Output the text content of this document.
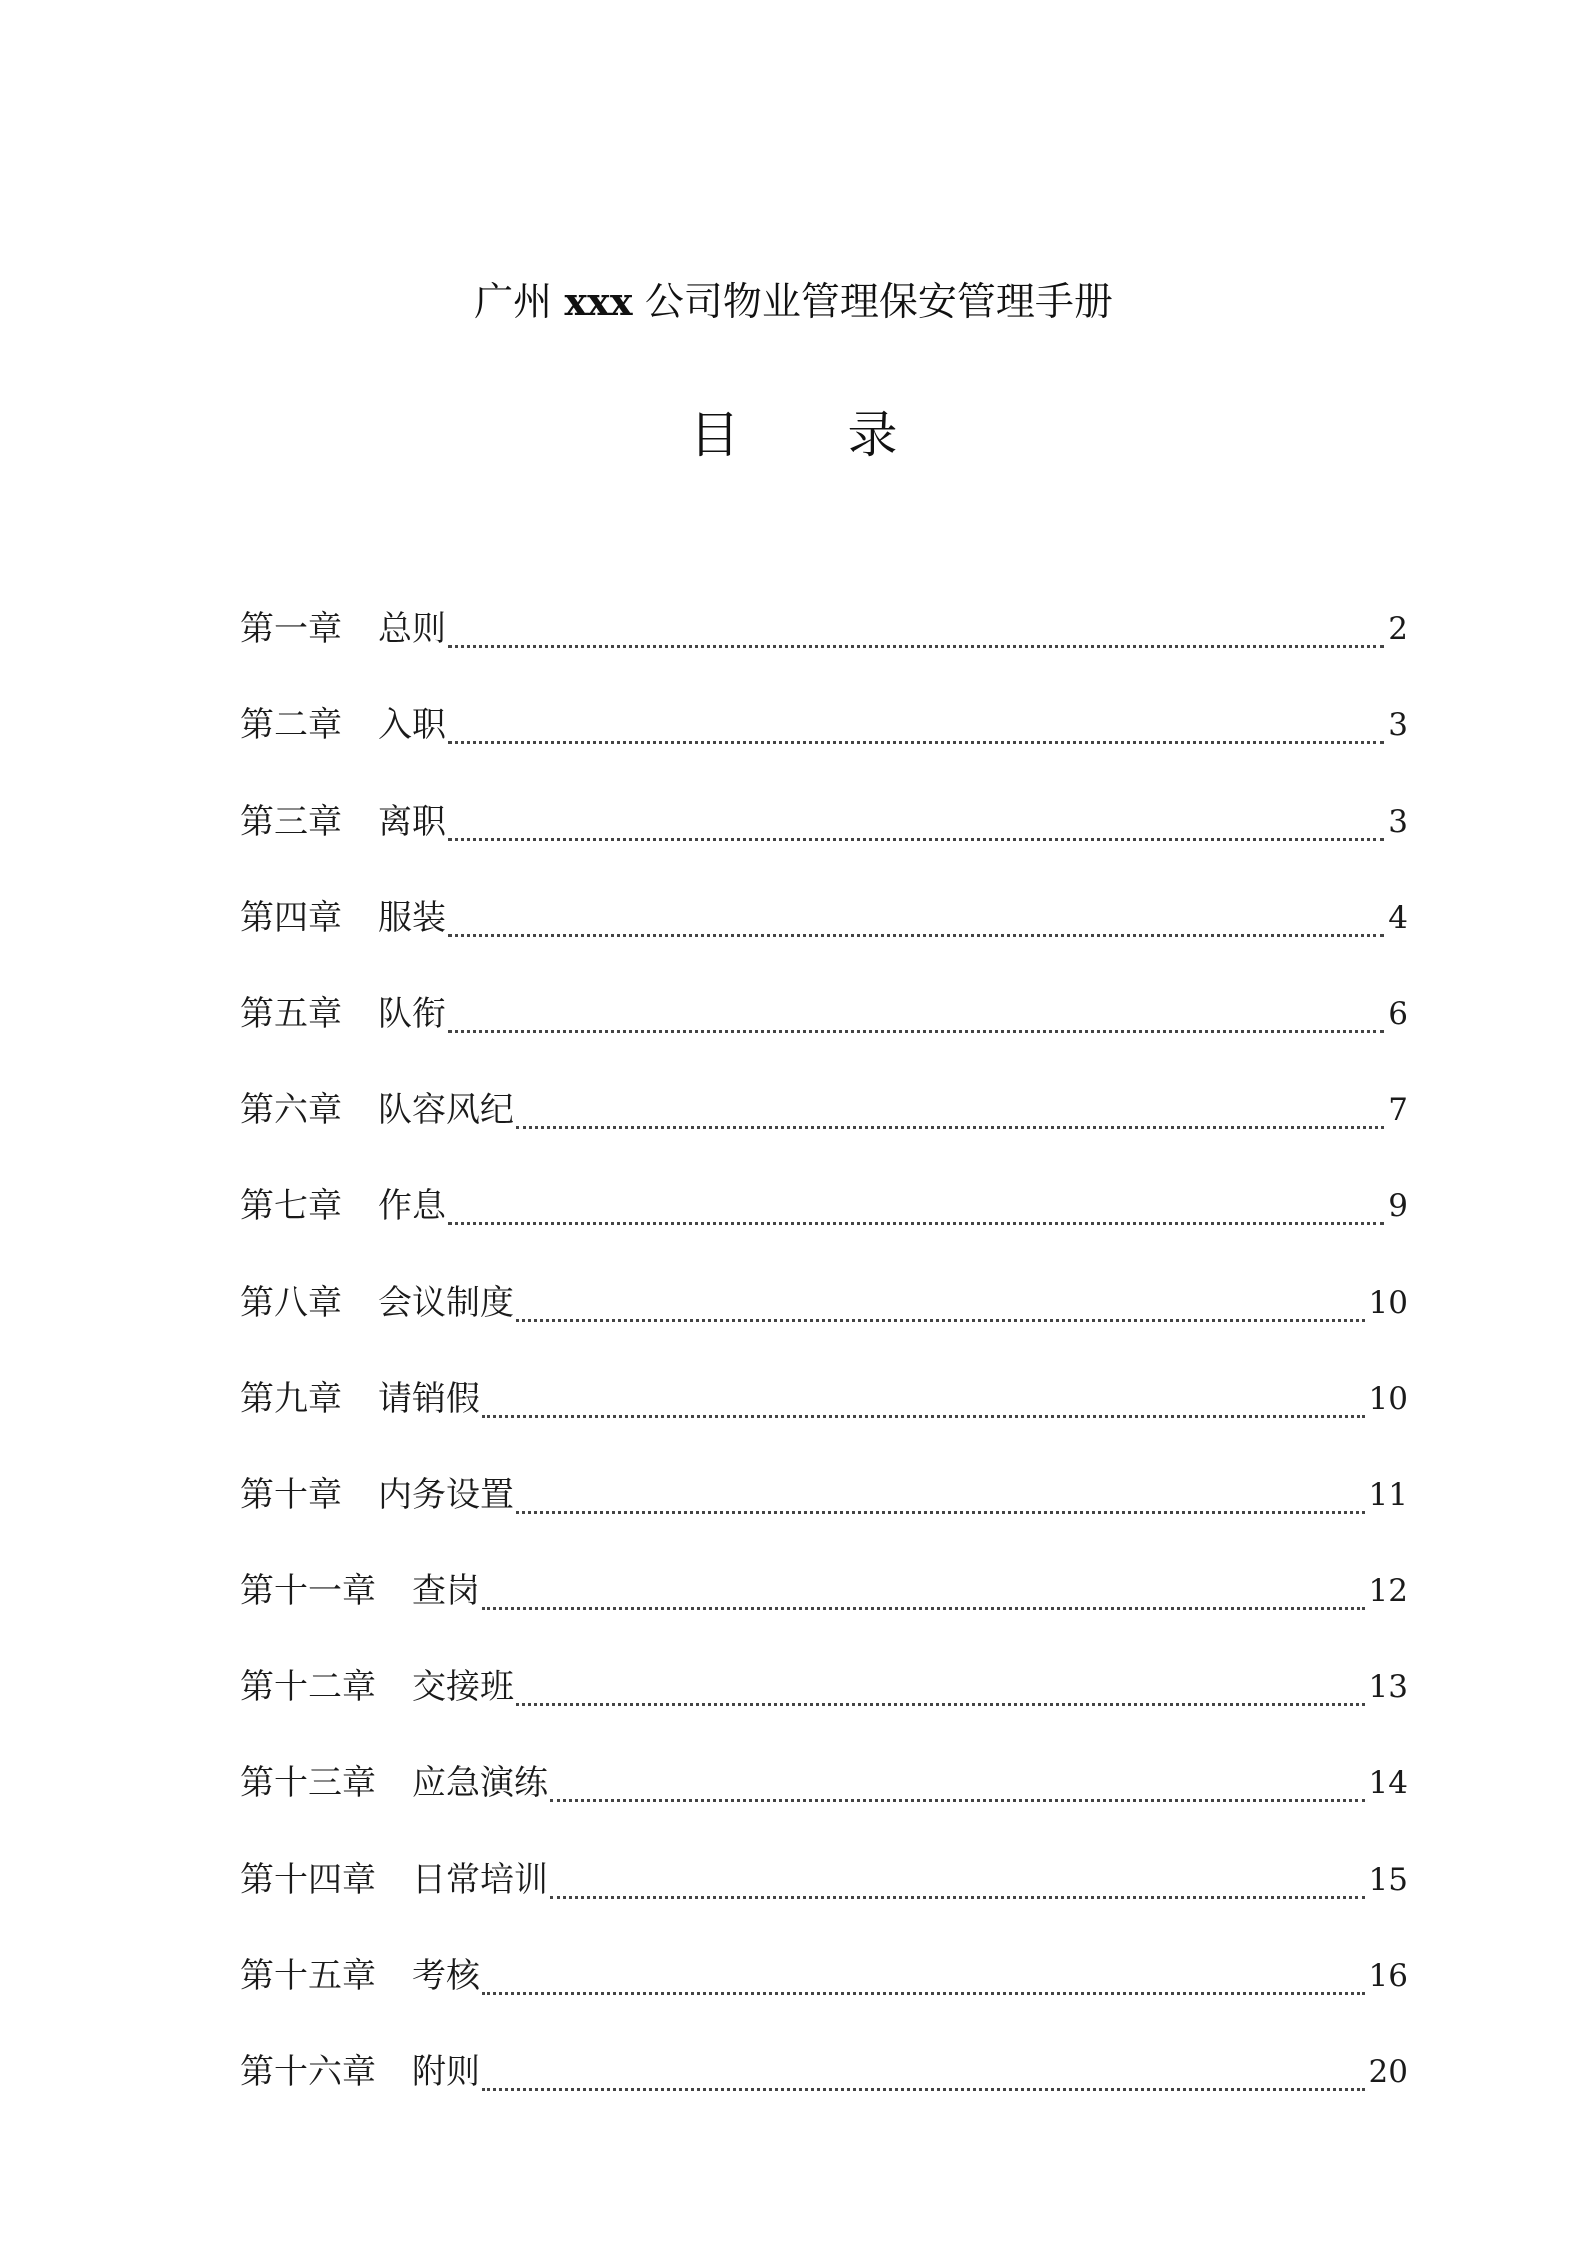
广州 xxx 公司物业管理保安管理手册
目 录
第一章 总则	2
第二章 入职	3
第三章 离职	3
第四章 服装	4
第五章 队衔	6
第六章 队容风纪	7
第七章 作息	9
第八章 会议制度	10
第九章 请销假	10
第十章 内务设置	11
第十一章 查岗	12
第十二章 交接班	13
第十三章 应急演练	14
第十四章 日常培训	15
第十五章 考核	16
第十六章 附则	20
